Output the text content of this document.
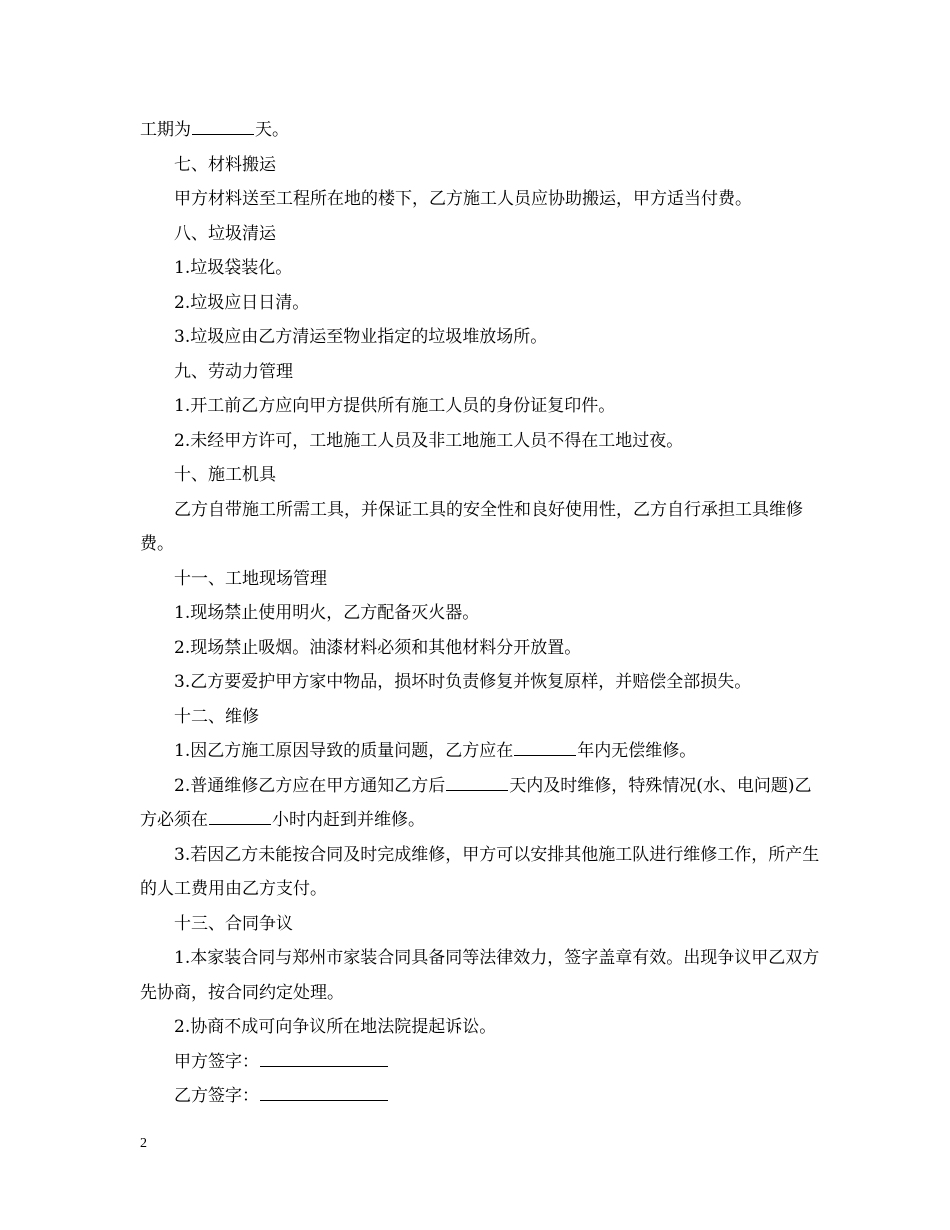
工期为	天。

七、材料搬运

甲方材料送至工程所在地的楼下，乙方施工人员应协助搬运，甲方适当付费。

八、垃圾清运

1.垃圾袋装化。

2.垃圾应日日清。

3.垃圾应由乙方清运至物业指定的垃圾堆放场所。

九、劳动力管理

1.开工前乙方应向甲方提供所有施工人员的身份证复印件。

2.未经甲方许可，工地施工人员及非工地施工人员不得在工地过夜。

十、施工机具

乙方自带施工所需工具，并保证工具的安全性和良好使用性，乙方自行承担工具维修费。

十一、工地现场管理

1.现场禁止使用明火，乙方配备灭火器。

2.现场禁止吸烟。油漆材料必须和其他材料分开放置。

3.乙方要爱护甲方家中物品，损坏时负责修复并恢复原样，并赔偿全部损失。

十二、维修

1.因乙方施工原因导致的质量问题，乙方应在	年内无偿维修。

2.普通维修乙方应在甲方通知乙方后	天内及时维修，特殊情况(水、电问题)乙方必须在	小时内赶到并维修。

3.若因乙方未能按合同及时完成维修，甲方可以安排其他施工队进行维修工作，所产生的人工费用由乙方支付。

十三、合同争议

1.本家装合同与郑州市家装合同具备同等法律效力，签字盖章有效。出现争议甲乙双方先协商，按合同约定处理。

2.协商不成可向争议所在地法院提起诉讼。

甲方签字：

乙方签字：

2
